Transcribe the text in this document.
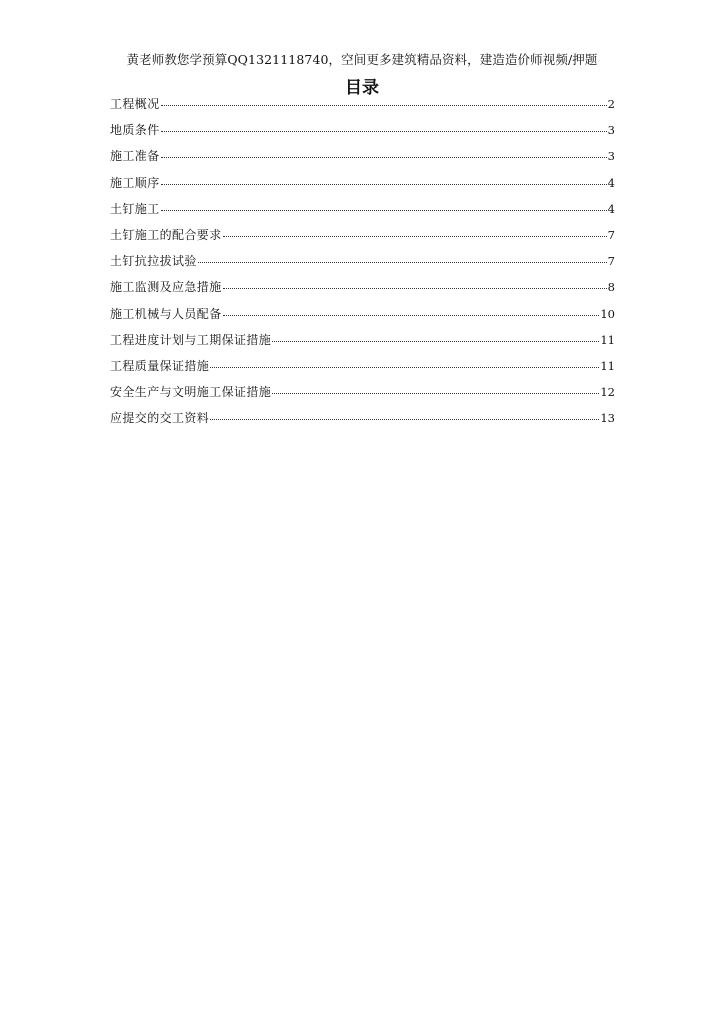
黄老师教您学预算QQ1321118740，空间更多建筑精品资料，建造造价师视频/押题
目录
工程概况	2
地质条件	3
施工准备	3
施工顺序	4
土钉施工	4
土钉施工的配合要求	7
土钉抗拉拔试验	7
施工监测及应急措施	8
施工机械与人员配备	10
工程进度计划与工期保证措施	11
工程质量保证措施	11
安全生产与文明施工保证措施	12
应提交的交工资料	13
